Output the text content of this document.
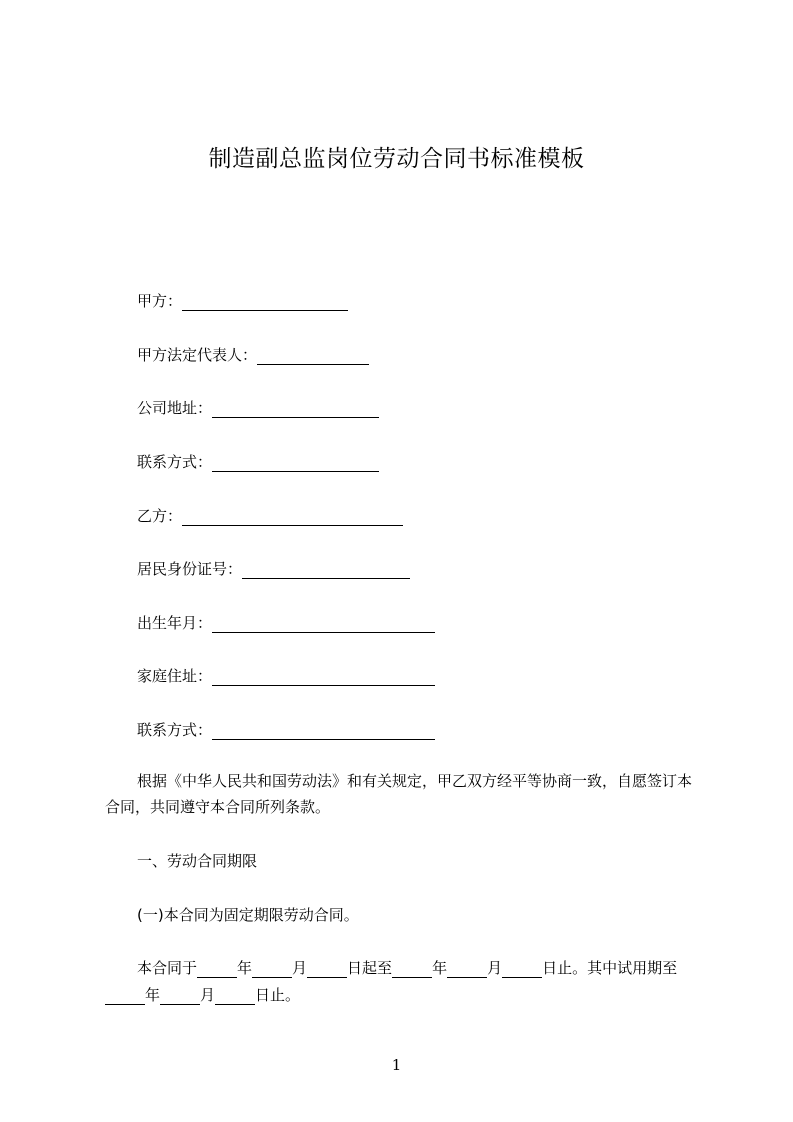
制造副总监岗位劳动合同书标准模板
甲方：
甲方法定代表人：
公司地址：
联系方式：
乙方：
居民身份证号：
出生年月：
家庭住址：
联系方式：
根据《中华人民共和国劳动法》和有关规定，甲乙双方经平等协商一致，自愿签订本合同，共同遵守本合同所列条款。
一、劳动合同期限
(一)本合同为固定期限劳动合同。
本合同于	年	月	日起至	年	月	日止。其中试用期至
年	月	日止。
1
